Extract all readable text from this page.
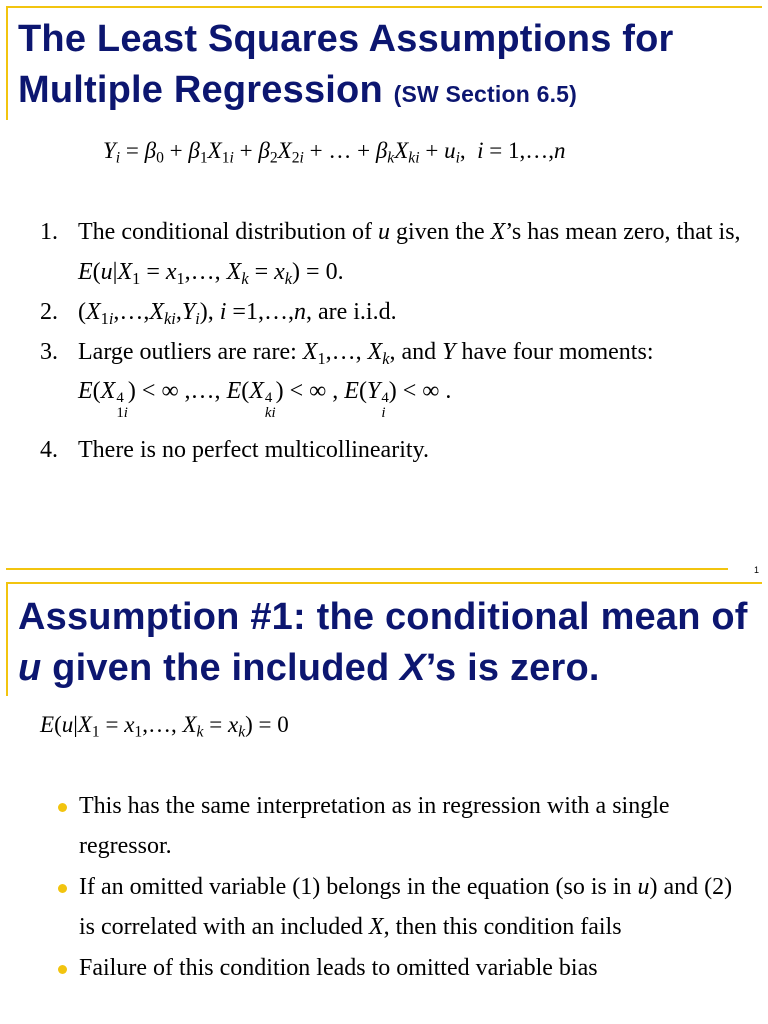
The Least Squares Assumptions for
Multiple Regression (SW Section 6.5)
$Y_i = \beta_0 + \beta_1X_{1i} + \beta_2X_{2i}$ + … + $\beta_kX_{ki} + u_i$,  i = 1,…,n
1. The conditional distribution of u given the X’s has mean zero, that is, $E(u|X_1$ = $x_1,\dots$, $X_k = x_k) = 0$.
2. $(X_{1i},\dots,X_{ki},Y_i)$, i =1,…,n, are i.i.d.
3. Large outliers are rare: $X_1,\dots$, $X_k$, and Y have four moments:
4. There is no perfect multicollinearity.
E(X 4
1i
) < ∞ ,…, E(X 4
ki
) < ∞ , E(Y 4
i
) < ∞ .
1
Assumption #1: the conditional mean of
u given the included X’s is zero.
$E(u|X_1$ = $x_1,\dots$, $X_k = x_k) = 0$
This has the same interpretation as in regression with a single regressor.
If an omitted variable (1) belongs in the equation (so is in u) and (2) is correlated with an included X, then this condition fails
Failure of this condition leads to omitted variable bias
